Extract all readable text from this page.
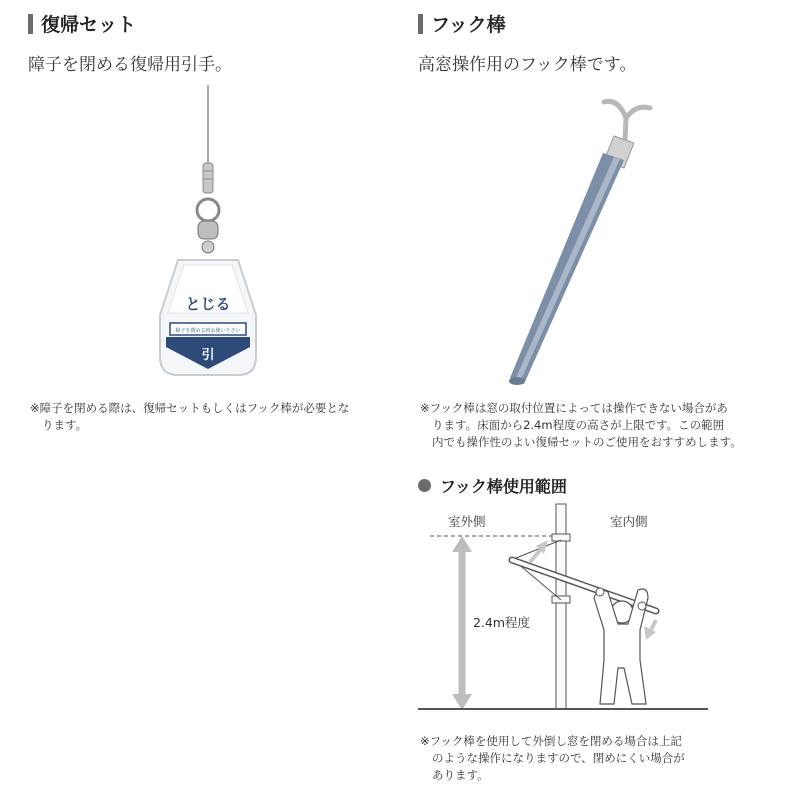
復帰セット
障子を閉める復帰用引手。
とじる
障子を閉める時お使い下さい
引
※障子を閉める際は、復帰セットもしくはフック棒が必要とな
ります。
フック棒
高窓操作用のフック棒です。
※フック棒は窓の取付位置によっては操作できない場合があ
ります。床面から2.4m程度の高さが上限です。この範囲
内でも操作性のよい復帰セットのご使用をおすすめします。
フック棒使用範囲
室外側	室内側
2.4m程度
※フック棒を使用して外倒し窓を閉める場合は上記
のような操作になりますので、閉めにくい場合が
あります。
